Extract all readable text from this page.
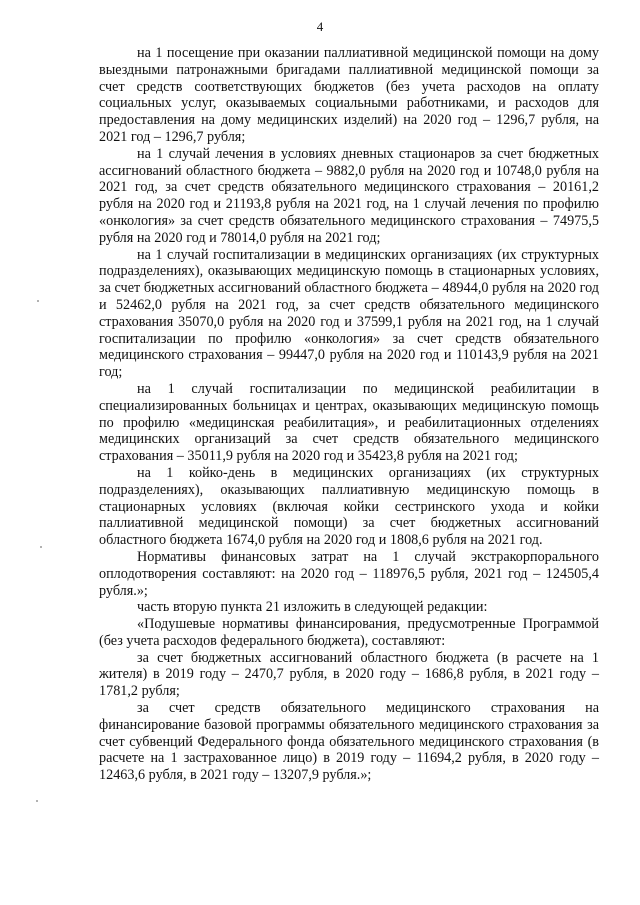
4

на 1 посещение при оказании паллиативной медицинской помощи на дому выездными патронажными бригадами паллиативной медицинской помощи за счет средств соответствующих бюджетов (без учета расходов на оплату социальных услуг, оказываемых социальными работниками, и расходов для предоставления на дому медицинских изделий) на 2020 год – 1296,7 рубля, на 2021 год – 1296,7 рубля;

на 1 случай лечения в условиях дневных стационаров за счет бюджетных ассигнований областного бюджета – 9882,0 рубля на 2020 год и 10748,0 рубля на 2021 год, за счет средств обязательного медицинского страхования – 20161,2 рубля на 2020 год и 21193,8 рубля на 2021 год, на 1 случай лечения по профилю «онкология» за счет средств обязательного медицинского страхования – 74975,5 рубля на 2020 год и 78014,0 рубля на 2021 год;

на 1 случай госпитализации в медицинских организациях (их структурных подразделениях), оказывающих медицинскую помощь в стационарных условиях, за счет бюджетных ассигнований областного бюджета – 48944,0 рубля на 2020 год и 52462,0 рубля на 2021 год, за счет средств обязательного медицинского страхования 35070,0 рубля на 2020 год и 37599,1 рубля на 2021 год, на 1 случай госпитализации по профилю «онкология» за счет средств обязательного медицинского страхования – 99447,0 рубля на 2020 год и 110143,9 рубля на 2021 год;

на 1 случай госпитализации по медицинской реабилитации в специализированных больницах и центрах, оказывающих медицинскую помощь по профилю «медицинская реабилитация», и реабилитационных отделениях медицинских организаций за счет средств обязательного медицинского страхования – 35011,9 рубля на 2020 год и 35423,8 рубля на 2021 год;

на 1 койко-день в медицинских организациях (их структурных подразделениях), оказывающих паллиативную медицинскую помощь в стационарных условиях (включая койки сестринского ухода и койки паллиативной медицинской помощи) за счет бюджетных ассигнований областного бюджета 1674,0 рубля на 2020 год и 1808,6 рубля на 2021 год.

Нормативы финансовых затрат на 1 случай экстракорпорального оплодотворения составляют: на 2020 год – 118976,5 рубля, 2021 год – 124505,4 рубля.»;

часть вторую пункта 21 изложить в следующей редакции:

«Подушевые нормативы финансирования, предусмотренные Программой (без учета расходов федерального бюджета), составляют:

за счет бюджетных ассигнований областного бюджета (в расчете на 1 жителя) в 2019 году – 2470,7 рубля, в 2020 году – 1686,8 рубля, в 2021 году – 1781,2 рубля;

за счет средств обязательного медицинского страхования на финансирование базовой программы обязательного медицинского страхования за счет субвенций Федерального фонда обязательного медицинского страхования (в расчете на 1 застрахованное лицо) в 2019 году – 11694,2 рубля, в 2020 году – 12463,6 рубля, в 2021 году – 13207,9 рубля.»;
